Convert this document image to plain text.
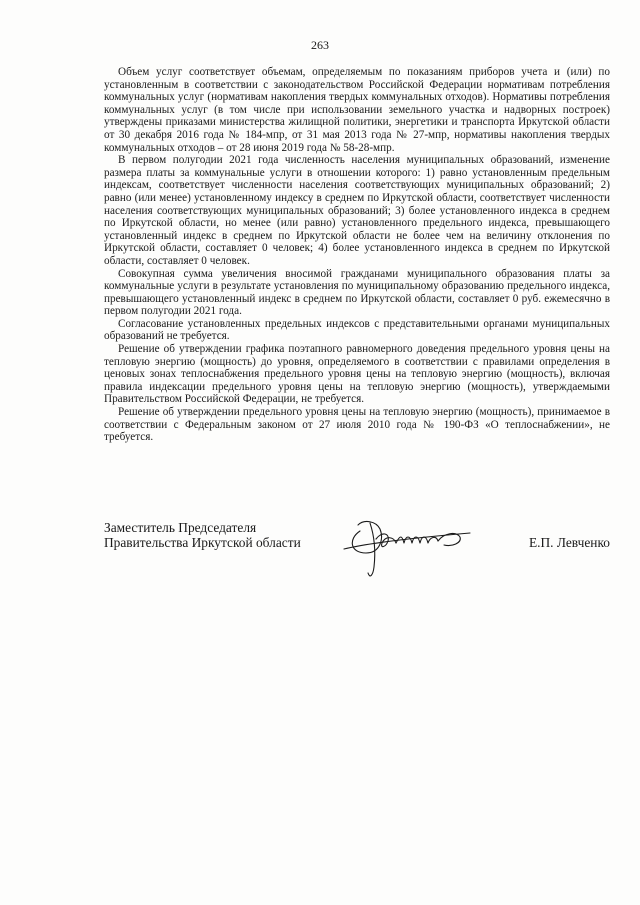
263

Объем услуг соответствует объемам, определяемым по показаниям приборов учета и (или) по установленным в соответствии с законодательством Российской Федерации нормативам потребления коммунальных услуг (нормативам накопления твердых коммунальных отходов). Нормативы потребления коммунальных услуг (в том числе при использовании земельного участка и надворных построек) утверждены приказами министерства жилищной политики, энергетики и транспорта Иркутской области от 30 декабря 2016 года № 184-мпр, от 31 мая 2013 года № 27-мпр, нормативы накопления твердых коммунальных отходов – от 28 июня 2019 года № 58-28-мпр.

В первом полугодии 2021 года численность населения муниципальных образований, изменение размера платы за коммунальные услуги в отношении которого: 1) равно установленным предельным индексам, соответствует численности населения соответствующих муниципальных образований; 2) равно (или менее) установленному индексу в среднем по Иркутской области, соответствует численности населения соответствующих муниципальных образований; 3) более установленного индекса в среднем по Иркутской области, но менее (или равно) установленного предельного индекса, превышающего установленный индекс в среднем по Иркутской области не более чем на величину отклонения по Иркутской области, составляет 0 человек; 4) более установленного индекса в среднем по Иркутской области, составляет 0 человек.

Совокупная сумма увеличения вносимой гражданами муниципального образования платы за коммунальные услуги в результате установления по муниципальному образованию предельного индекса, превышающего установленный индекс в среднем по Иркутской области, составляет 0 руб. ежемесячно в первом полугодии 2021 года.

Согласование установленных предельных индексов с представительными органами муниципальных образований не требуется.

Решение об утверждении графика поэтапного равномерного доведения предельного уровня цены на тепловую энергию (мощность) до уровня, определяемого в соответствии с правилами определения в ценовых зонах теплоснабжения предельного уровня цены на тепловую энергию (мощность), включая правила индексации предельного уровня цены на тепловую энергию (мощность), утверждаемыми Правительством Российской Федерации, не требуется.

Решение об утверждении предельного уровня цены на тепловую энергию (мощность), принимаемое в соответствии с Федеральным законом от 27 июля 2010 года № 190-ФЗ «О теплоснабжении», не требуется.

Заместитель Председателя
Правительства Иркутской области	Е.П. Левченко
